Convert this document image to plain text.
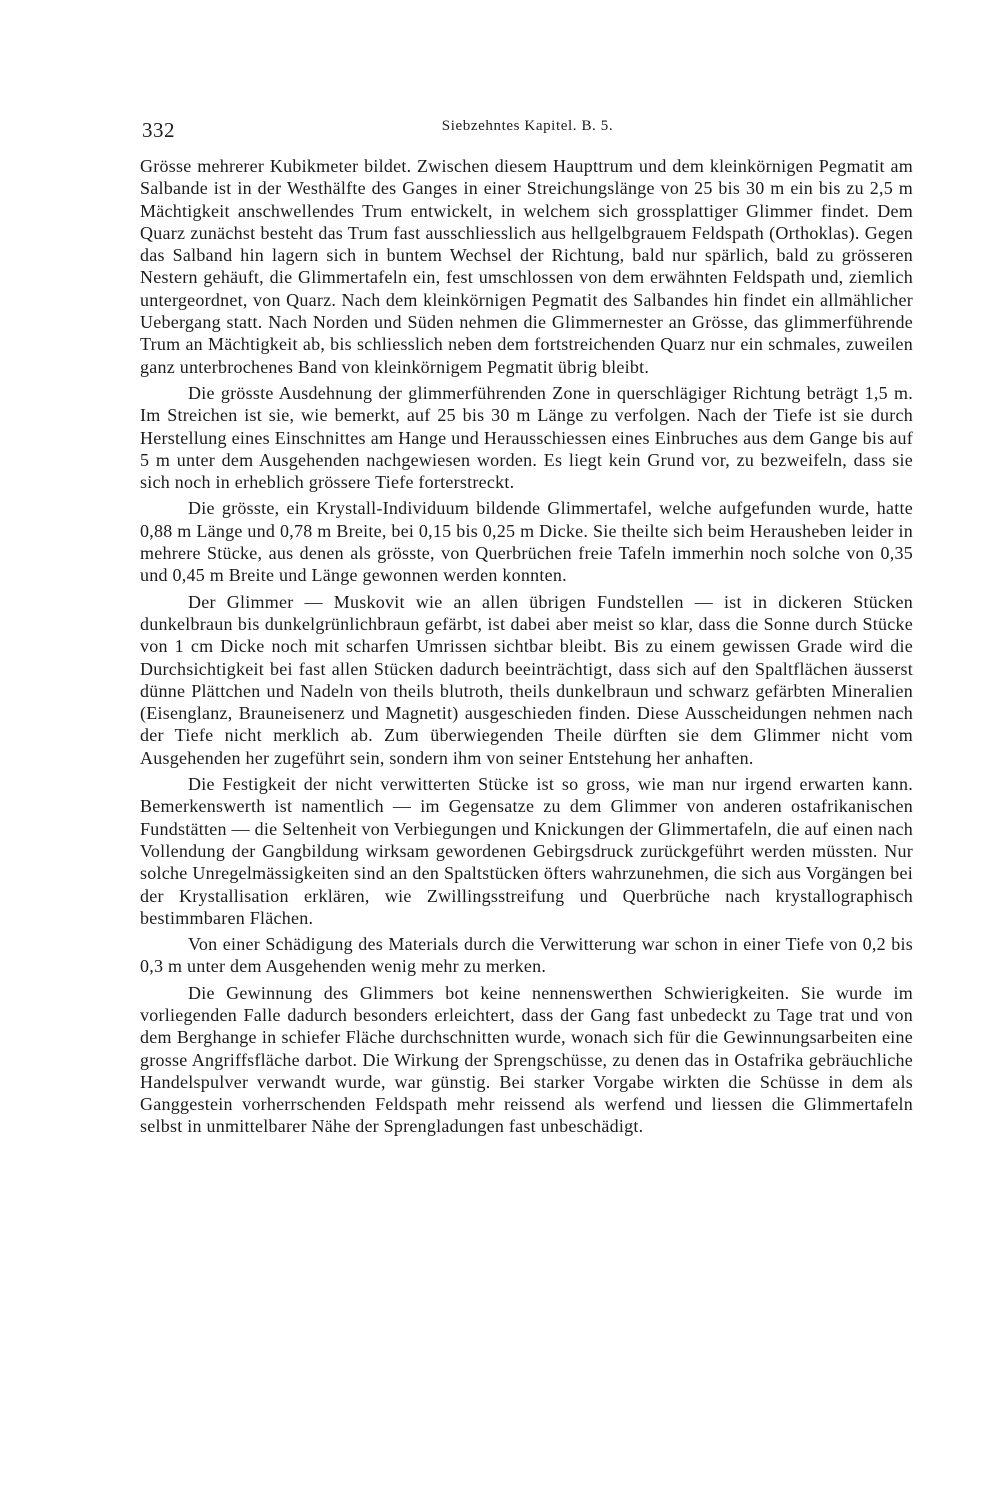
332	Siebzehntes Kapitel. B. 5.

Grösse mehrerer Kubikmeter bildet. Zwischen diesem Haupttrum und dem kleinkörnigen Pegmatit am Salbande ist in der Westhälfte des Ganges in einer Streichungslänge von 25 bis 30 m ein bis zu 2,5 m Mächtigkeit anschwellendes Trum entwickelt, in welchem sich grossplattiger Glimmer findet. Dem Quarz zunächst besteht das Trum fast ausschliesslich aus hellgelbgrauem Feldspath (Orthoklas). Gegen das Salband hin lagern sich in buntem Wechsel der Richtung, bald nur spärlich, bald zu grösseren Nestern gehäuft, die Glimmertafeln ein, fest umschlossen von dem erwähnten Feldspath und, ziemlich untergeordnet, von Quarz. Nach dem kleinkörnigen Pegmatit des Salbandes hin findet ein allmählicher Uebergang statt. Nach Norden und Süden nehmen die Glimmernester an Grösse, das glimmerführende Trum an Mächtigkeit ab, bis schliesslich neben dem fortstreichenden Quarz nur ein schmales, zuweilen ganz unterbrochenes Band von kleinkörnigem Pegmatit übrig bleibt.

Die grösste Ausdehnung der glimmerführenden Zone in querschlägiger Richtung beträgt 1,5 m. Im Streichen ist sie, wie bemerkt, auf 25 bis 30 m Länge zu verfolgen. Nach der Tiefe ist sie durch Herstellung eines Einschnittes am Hange und Herausschiessen eines Einbruches aus dem Gange bis auf 5 m unter dem Ausgehenden nachgewiesen worden. Es liegt kein Grund vor, zu bezweifeln, dass sie sich noch in erheblich grössere Tiefe forterstreckt.

Die grösste, ein Krystall-Individuum bildende Glimmertafel, welche aufgefunden wurde, hatte 0,88 m Länge und 0,78 m Breite, bei 0,15 bis 0,25 m Dicke. Sie theilte sich beim Herausheben leider in mehrere Stücke, aus denen als grösste, von Querbrüchen freie Tafeln immerhin noch solche von 0,35 und 0,45 m Breite und Länge gewonnen werden konnten.

Der Glimmer — Muskovit wie an allen übrigen Fundstellen — ist in dickeren Stücken dunkelbraun bis dunkelgrünlichbraun gefärbt, ist dabei aber meist so klar, dass die Sonne durch Stücke von 1 cm Dicke noch mit scharfen Umrissen sichtbar bleibt. Bis zu einem gewissen Grade wird die Durchsichtigkeit bei fast allen Stücken dadurch beeinträchtigt, dass sich auf den Spaltflächen äusserst dünne Plättchen und Nadeln von theils blutroth, theils dunkelbraun und schwarz gefärbten Mineralien (Eisenglanz, Brauneisenerz und Magnetit) ausgeschieden finden. Diese Ausscheidungen nehmen nach der Tiefe nicht merklich ab. Zum überwiegenden Theile dürften sie dem Glimmer nicht vom Ausgehenden her zugeführt sein, sondern ihm von seiner Entstehung her anhaften.

Die Festigkeit der nicht verwitterten Stücke ist so gross, wie man nur irgend erwarten kann. Bemerkenswerth ist namentlich — im Gegensatze zu dem Glimmer von anderen ostafrikanischen Fundstätten — die Seltenheit von Verbiegungen und Knickungen der Glimmertafeln, die auf einen nach Vollendung der Gangbildung wirksam gewordenen Gebirgsdruck zurückgeführt werden müssten. Nur solche Unregelmässigkeiten sind an den Spaltstücken öfters wahrzunehmen, die sich aus Vorgängen bei der Krystallisation erklären, wie Zwillingsstreifung und Querbrüche nach krystallographisch bestimmbaren Flächen.

Von einer Schädigung des Materials durch die Verwitterung war schon in einer Tiefe von 0,2 bis 0,3 m unter dem Ausgehenden wenig mehr zu merken.

Die Gewinnung des Glimmers bot keine nennenswerthen Schwierigkeiten. Sie wurde im vorliegenden Falle dadurch besonders erleichtert, dass der Gang fast unbedeckt zu Tage trat und von dem Berghange in schiefer Fläche durchschnitten wurde, wonach sich für die Gewinnungsarbeiten eine grosse Angriffsfläche darbot. Die Wirkung der Sprengschüsse, zu denen das in Ostafrika gebräuchliche Handelspulver verwandt wurde, war günstig. Bei starker Vorgabe wirkten die Schüsse in dem als Ganggestein vorherrschenden Feldspath mehr reissend als werfend und liessen die Glimmertafeln selbst in unmittelbarer Nähe der Sprengladungen fast unbeschädigt.
